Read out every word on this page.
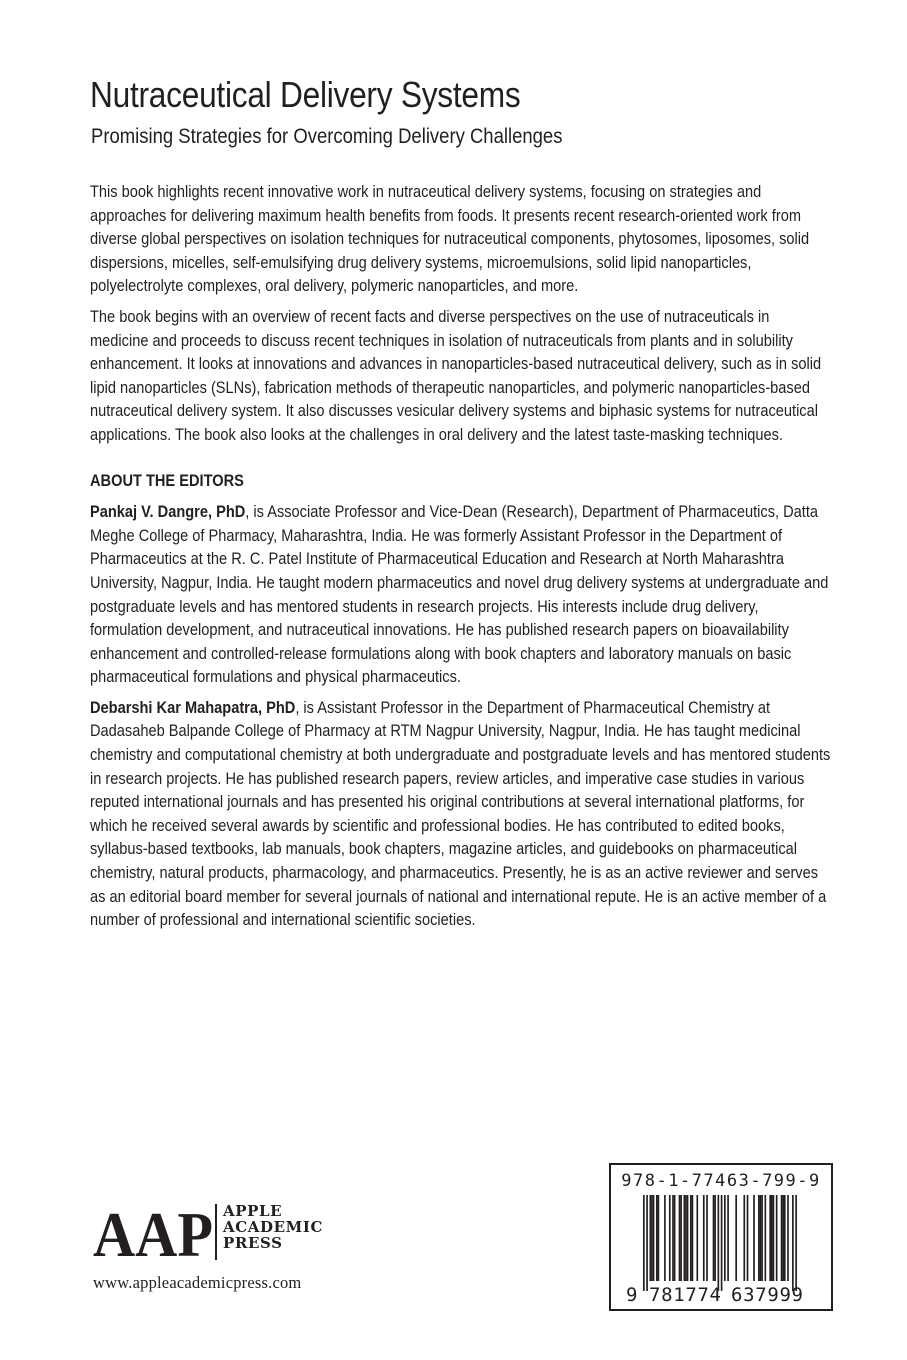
Nutraceutical Delivery Systems
Promising Strategies for Overcoming Delivery Challenges

This book highlights recent innovative work in nutraceutical delivery systems, focusing on strategies and approaches for delivering maximum health benefits from foods. It presents recent research-oriented work from diverse global perspectives on isolation techniques for nutraceutical components, phytosomes, liposomes, solid dispersions, micelles, self-emulsifying drug delivery systems, microemulsions, solid lipid nanoparticles, polyelectrolyte complexes, oral delivery, polymeric nanoparticles, and more.

The book begins with an overview of recent facts and diverse perspectives on the use of nutraceuticals in medicine and proceeds to discuss recent techniques in isolation of nutraceuticals from plants and in solubility enhancement. It looks at innovations and advances in nanoparticles-based nutraceutical delivery, such as in solid lipid nanoparticles (SLNs), fabrication methods of therapeutic nanoparticles, and polymeric nanoparticles-based nutraceutical delivery system. It also discusses vesicular delivery systems and biphasic systems for nutraceutical applications. The book also looks at the challenges in oral delivery and the latest taste-masking techniques.

ABOUT THE EDITORS

Pankaj V. Dangre, PhD, is Associate Professor and Vice-Dean (Research), Department of Pharmaceutics, Datta Meghe College of Pharmacy, Maharashtra, India. He was formerly Assistant Professor in the Department of Pharmaceutics at the R. C. Patel Institute of Pharmaceutical Education and Research at North Maharashtra University, Nagpur, India. He taught modern pharmaceutics and novel drug delivery systems at undergraduate and postgraduate levels and has mentored students in research projects. His interests include drug delivery, formulation development, and nutraceutical innovations. He has published research papers on bioavailability enhancement and controlled-release formulations along with book chapters and laboratory manuals on basic pharmaceutical formulations and physical pharmaceutics.

Debarshi Kar Mahapatra, PhD, is Assistant Professor in the Department of Pharmaceutical Chemistry at Dadasaheb Balpande College of Pharmacy at RTM Nagpur University, Nagpur, India. He has taught medicinal chemistry and computational chemistry at both undergraduate and postgraduate levels and has mentored students in research projects. He has published research papers, review articles, and imperative case studies in various reputed international journals and has presented his original contributions at several international platforms, for which he received several awards by scientific and professional bodies. He has contributed to edited books, syllabus-based textbooks, lab manuals, book chapters, magazine articles, and guidebooks on pharmaceutical chemistry, natural products, pharmacology, and pharmaceutics. Presently, he is as an active reviewer and serves as an editorial board member for several journals of national and international repute. He is an active member of a number of professional and international scientific societies.

AAP APPLE
ACADEMIC
PRESS
www.appleacademicpress.com
978-1-77463-799-9
9 781774 637999
